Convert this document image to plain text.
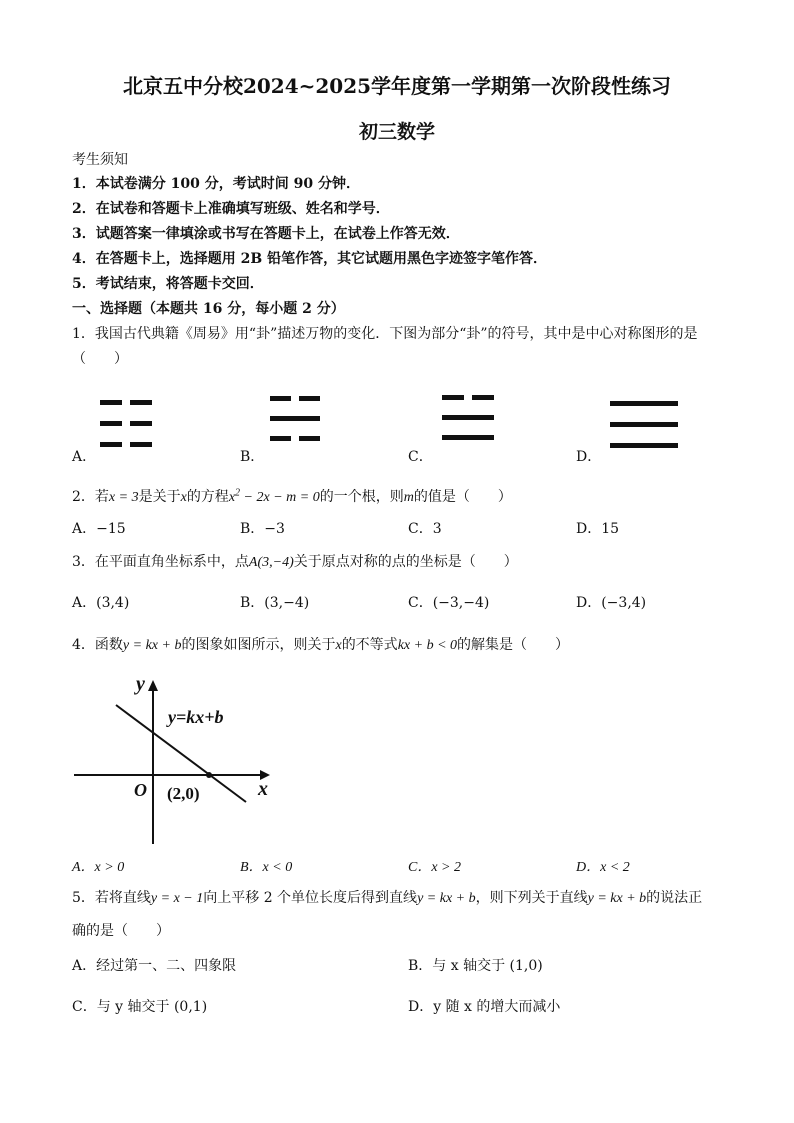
北京五中分校2024~2025学年度第一学期第一次阶段性练习
初三数学
考生须知
1．本试卷满分 100 分，考试时间 90 分钟．
2．在试卷和答题卡上准确填写班级、姓名和学号．
3．试题答案一律填涂或书写在答题卡上，在试卷上作答无效．
4．在答题卡上，选择题用 2B 铅笔作答，其它试题用黑色字迹签字笔作答．
5．考试结束，将答题卡交回．
一、选择题（本题共 16 分，每小题 2 分）
1．我国古代典籍《周易》用“卦”描述万物的变化．下图为部分“卦”的符号，其中是中心对称图形的是
（　　）
A．	B．	C．	D．
2．若x = 3是关于x的方程$x^2 - 2x - m = 0$的一个根，则m的值是（　　）
A．−15	B．−3	C．3	D．15
3．在平面直角坐标系中，点A(3,−4)关于原点对称的点的坐标是（　　）
A．(3,4)	B．(3,−4)	C．(−3,−4)	D．(−3,4)
4．函数y = kx + b的图象如图所示，则关于x的不等式kx + b < 0的解集是（　　）
y
x
O
y=kx+b
(2,0)
A．x > 0	B．x < 0	C．x > 2	D．x < 2
5．若将直线y = x − 1向上平移 2 个单位长度后得到直线y = kx + b，则下列关于直线y = kx + b的说法正
确的是（　　）
A．经过第一、二、四象限	B．与 x 轴交于 (1,0)
C．与 y 轴交于 (0,1)	D．y 随 x 的增大而减小
